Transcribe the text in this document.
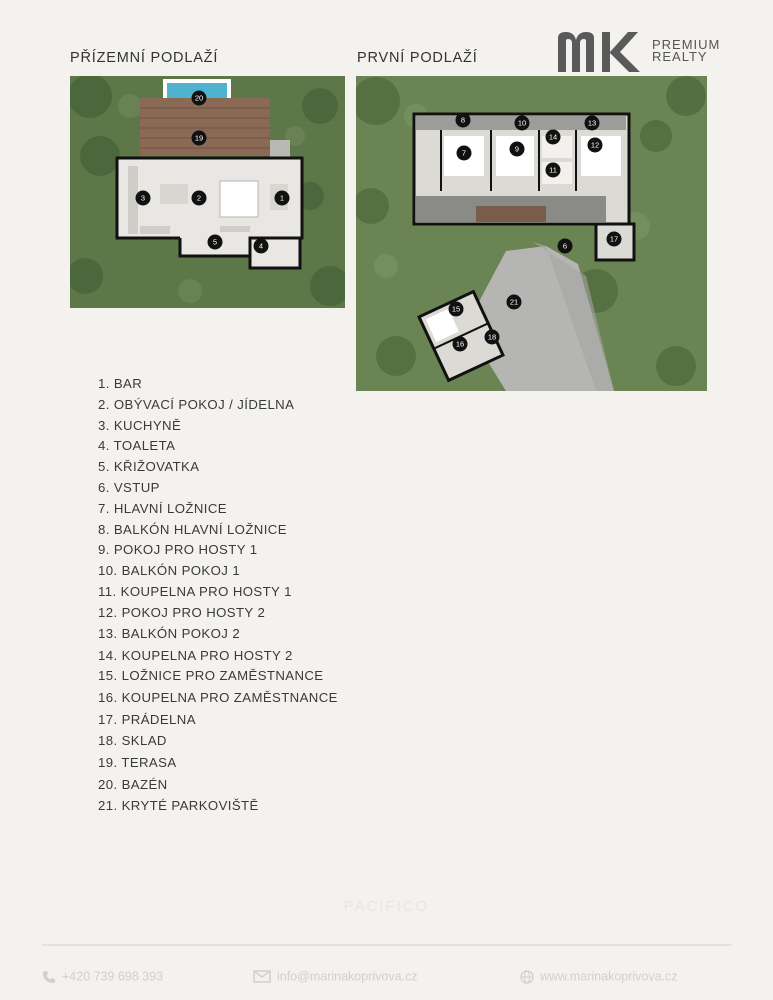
PREMIUM
REALTY
PŘÍZEMNÍ PODLAŽÍ	PRVNÍ PODLAŽÍ
20
19
3	2	1
5	4
8	10	13
7	9
14
12
11
6
17
21
15
18
16
1. BAR
2. OBÝVACÍ POKOJ / JÍDELNA
3. KUCHYNĚ
4. TOALETA
5. KŘIŽOVATKA
6. VSTUP
7. HLAVNÍ LOŽNICE
8. BALKÓN HLAVNÍ LOŽNICE
9. POKOJ PRO HOSTY 1
10. BALKÓN POKOJ 1
11. KOUPELNA PRO HOSTY 1
12. POKOJ PRO HOSTY 2
13. BALKÓN POKOJ 2
14. KOUPELNA PRO HOSTY 2
15. LOŽNICE PRO ZAMĚSTNANCE
16. KOUPELNA PRO ZAMĚSTNANCE
17. PRÁDELNA
18. SKLAD
19. TERASA
20. BAZÉN
21. KRYTÉ PARKOVIŠTĚ
PACIFICO
+420 739 698 393	info@marinakoprivova.cz	www.marinakoprivova.cz
